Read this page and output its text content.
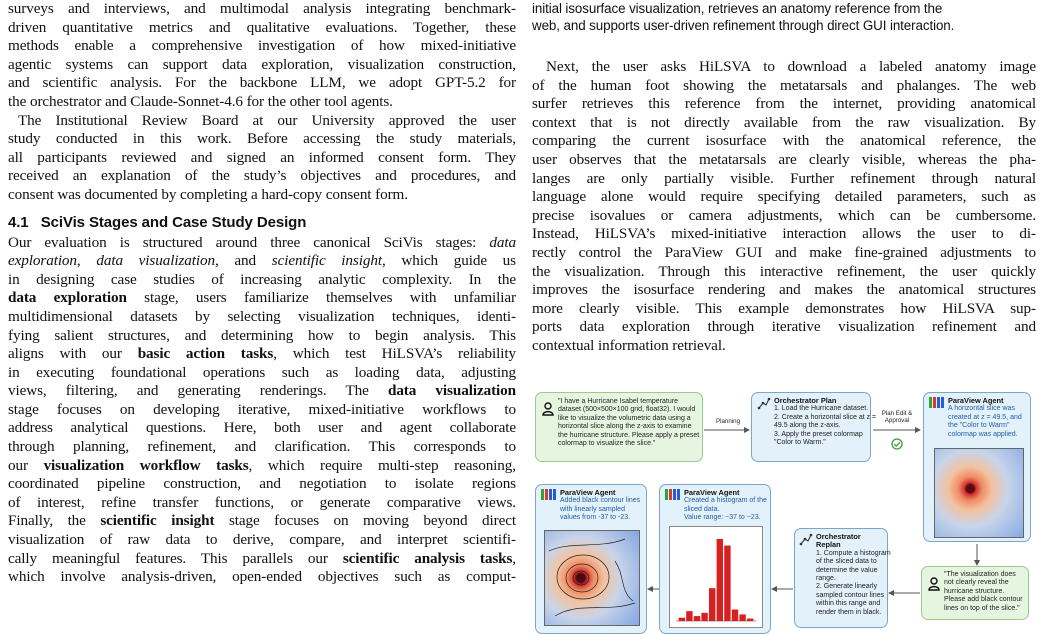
surveys and interviews, and multimodal analysis integrating benchmark-
driven quantitative metrics and qualitative evaluations. Together, these
methods enable a comprehensive investigation of how mixed-initiative
agentic systems can support data exploration, visualization construction,
and scientific analysis. For the backbone LLM, we adopt GPT-5.2 for
the orchestrator and Claude-Sonnet-4.6 for the other tool agents.
The Institutional Review Board at our University approved the user
study conducted in this work. Before accessing the study materials,
all participants reviewed and signed an informed consent form. They
received an explanation of the study’s objectives and procedures, and
consent was documented by completing a hard-copy consent form.
4.1 SciVis Stages and Case Study Design
Our evaluation is structured around three canonical SciVis stages: data
exploration, data visualization, and scientific insight, which guide us
in designing case studies of increasing analytic complexity. In the
data exploration stage, users familiarize themselves with unfamiliar
multidimensional datasets by selecting visualization techniques, identi-
fying salient structures, and determining how to begin analysis. This
aligns with our basic action tasks, which test HiLSVA’s reliability
in executing foundational operations such as loading data, adjusting
views, filtering, and generating renderings. The data visualization
stage focuses on developing iterative, mixed-initiative workflows to
address analytical questions. Here, both user and agent collaborate
through planning, refinement, and clarification. This corresponds to
our visualization workflow tasks, which require multi-step reasoning,
coordinated pipeline construction, and negotiation to isolate regions
of interest, refine transfer functions, or generate comparative views.
Finally, the scientific insight stage focuses on moving beyond direct
visualization of raw data to derive, compare, and interpret scientifi-
cally meaningful features. This parallels our scientific analysis tasks,
which involve analysis-driven, open-ended objectives such as comput-
initial isosurface visualization, retrieves an anatomy reference from the
web, and supports user-driven refinement through direct GUI interaction.
Next, the user asks HiLSVA to download a labeled anatomy image
of the human foot showing the metatarsals and phalanges. The web
surfer retrieves this reference from the internet, providing anatomical
context that is not directly available from the raw visualization. By
comparing the current isosurface with the anatomical reference, the
user observes that the metatarsals are clearly visible, whereas the pha-
langes are only partially visible. Further refinement through natural
language alone would require specifying detailed parameters, such as
precise isovalues or camera adjustments, which can be cumbersome.
Instead, HiLSVA’s mixed-initiative interaction allows the user to di-
rectly control the ParaView GUI and make fine-grained adjustments to
the visualization. Through this interactive refinement, the user quickly
improves the isosurface rendering and makes the anatomical structures
more clearly visible. This example demonstrates how HiLSVA sup-
ports data exploration through iterative visualization refinement and
contextual information retrieval.
"I have a Hurricane Isabel temperature
dataset (500×500×100 grid, float32). I would
like to visualize the volumetric data using a
horizontal slice along the z-axis to examine
the hurricane structure. Please apply a preset
colormap to visualize the slice."
Planning
Orchestrator Plan
1. Load the Hurricane dataset.
2. Create a horizontal slice at z =
49.5 along the z-axis.
3. Apply the preset colormap
"Color to Warm."
Plan Edit &
Approval
ParaView Agent
A horizontal slice was
created at z = 49.5, and
the "Color to Warm"
colormap was applied.
"The visualization does
not clearly reveal the
hurricane structure.
Please add black contour
lines on top of the slice."
Orchestrator Replan
1. Compute a histogram
of the sliced data to
determine the value
range.
2. Generate linearly
sampled contour lines
within this range and
render them in black.
ParaView Agent
Created a histogram of the
sliced data.
Value range: −37 to −23.
ParaView Agent
Added black contour lines
with linearly sampled
values from -37 to -23.
